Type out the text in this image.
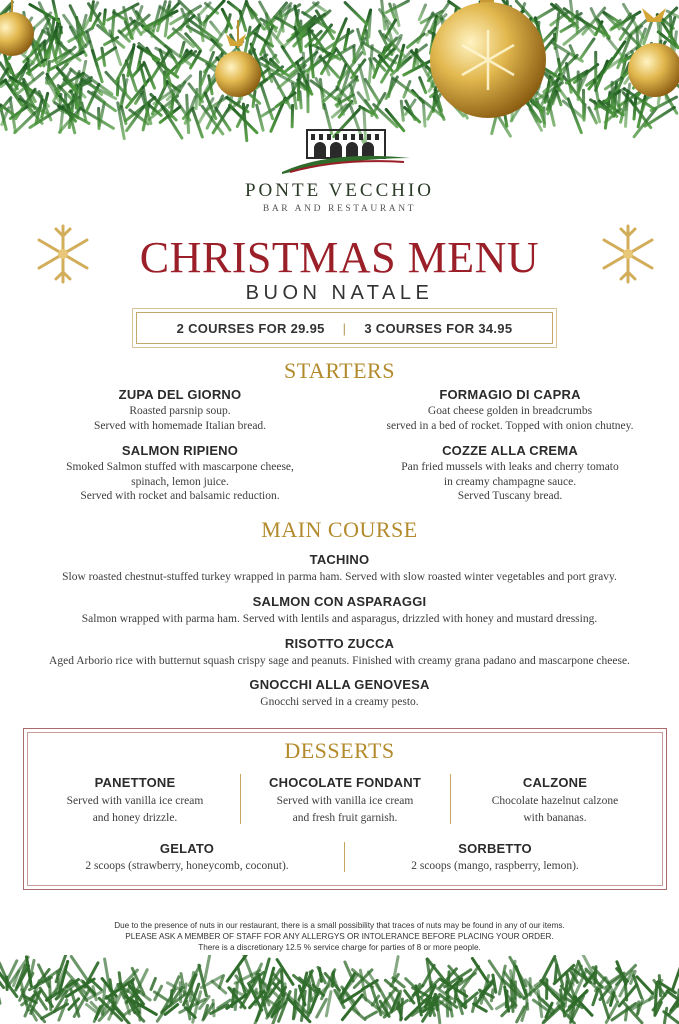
PONTE VECCHIO
BAR AND RESTAURANT
CHRISTMAS MENU
BUON NATALE
2 COURSES FOR 29.95 | 3 COURSES FOR 34.95
STARTERS
ZUPA DEL GIORNO
Roasted parsnip soup.
Served with homemade Italian bread.
FORMAGIO DI CAPRA
Goat cheese golden in breadcrumbs
served in a bed of rocket. Topped with onion chutney.
SALMON RIPIENO
Smoked Salmon stuffed with mascarpone cheese,
spinach, lemon juice.
Served with rocket and balsamic reduction.
COZZE ALLA CREMA
Pan fried mussels with leaks and cherry tomato
in creamy champagne sauce.
Served Tuscany bread.
MAIN COURSE
TACHINO
Slow roasted chestnut-stuffed turkey wrapped in parma ham. Served with slow roasted winter vegetables and port gravy.
SALMON CON ASPARAGGI
Salmon wrapped with parma ham. Served with lentils and asparagus, drizzled with honey and mustard dressing.
RISOTTO ZUCCA
Aged Arborio rice with butternut squash crispy sage and peanuts. Finished with creamy grana padano and mascarpone cheese.
GNOCCHI ALLA GENOVESA
Gnocchi served in a creamy pesto.
DESSERTS
PANETTONE
Served with vanilla ice cream
and honey drizzle.
CHOCOLATE FONDANT
Served with vanilla ice cream
and fresh fruit garnish.
CALZONE
Chocolate hazelnut calzone
with bananas.
GELATO
2 scoops (strawberry, honeycomb, coconut).
SORBETTO
2 scoops (mango, raspberry, lemon).
Due to the presence of nuts in our restaurant, there is a small possibility that traces of nuts may be found in any of our items.
PLEASE ASK A MEMBER OF STAFF FOR ANY ALLERGYS OR INTOLERANCE BEFORE PLACING YOUR ORDER.
There is a discretionary 12.5 % service charge for parties of 8 or more people.
